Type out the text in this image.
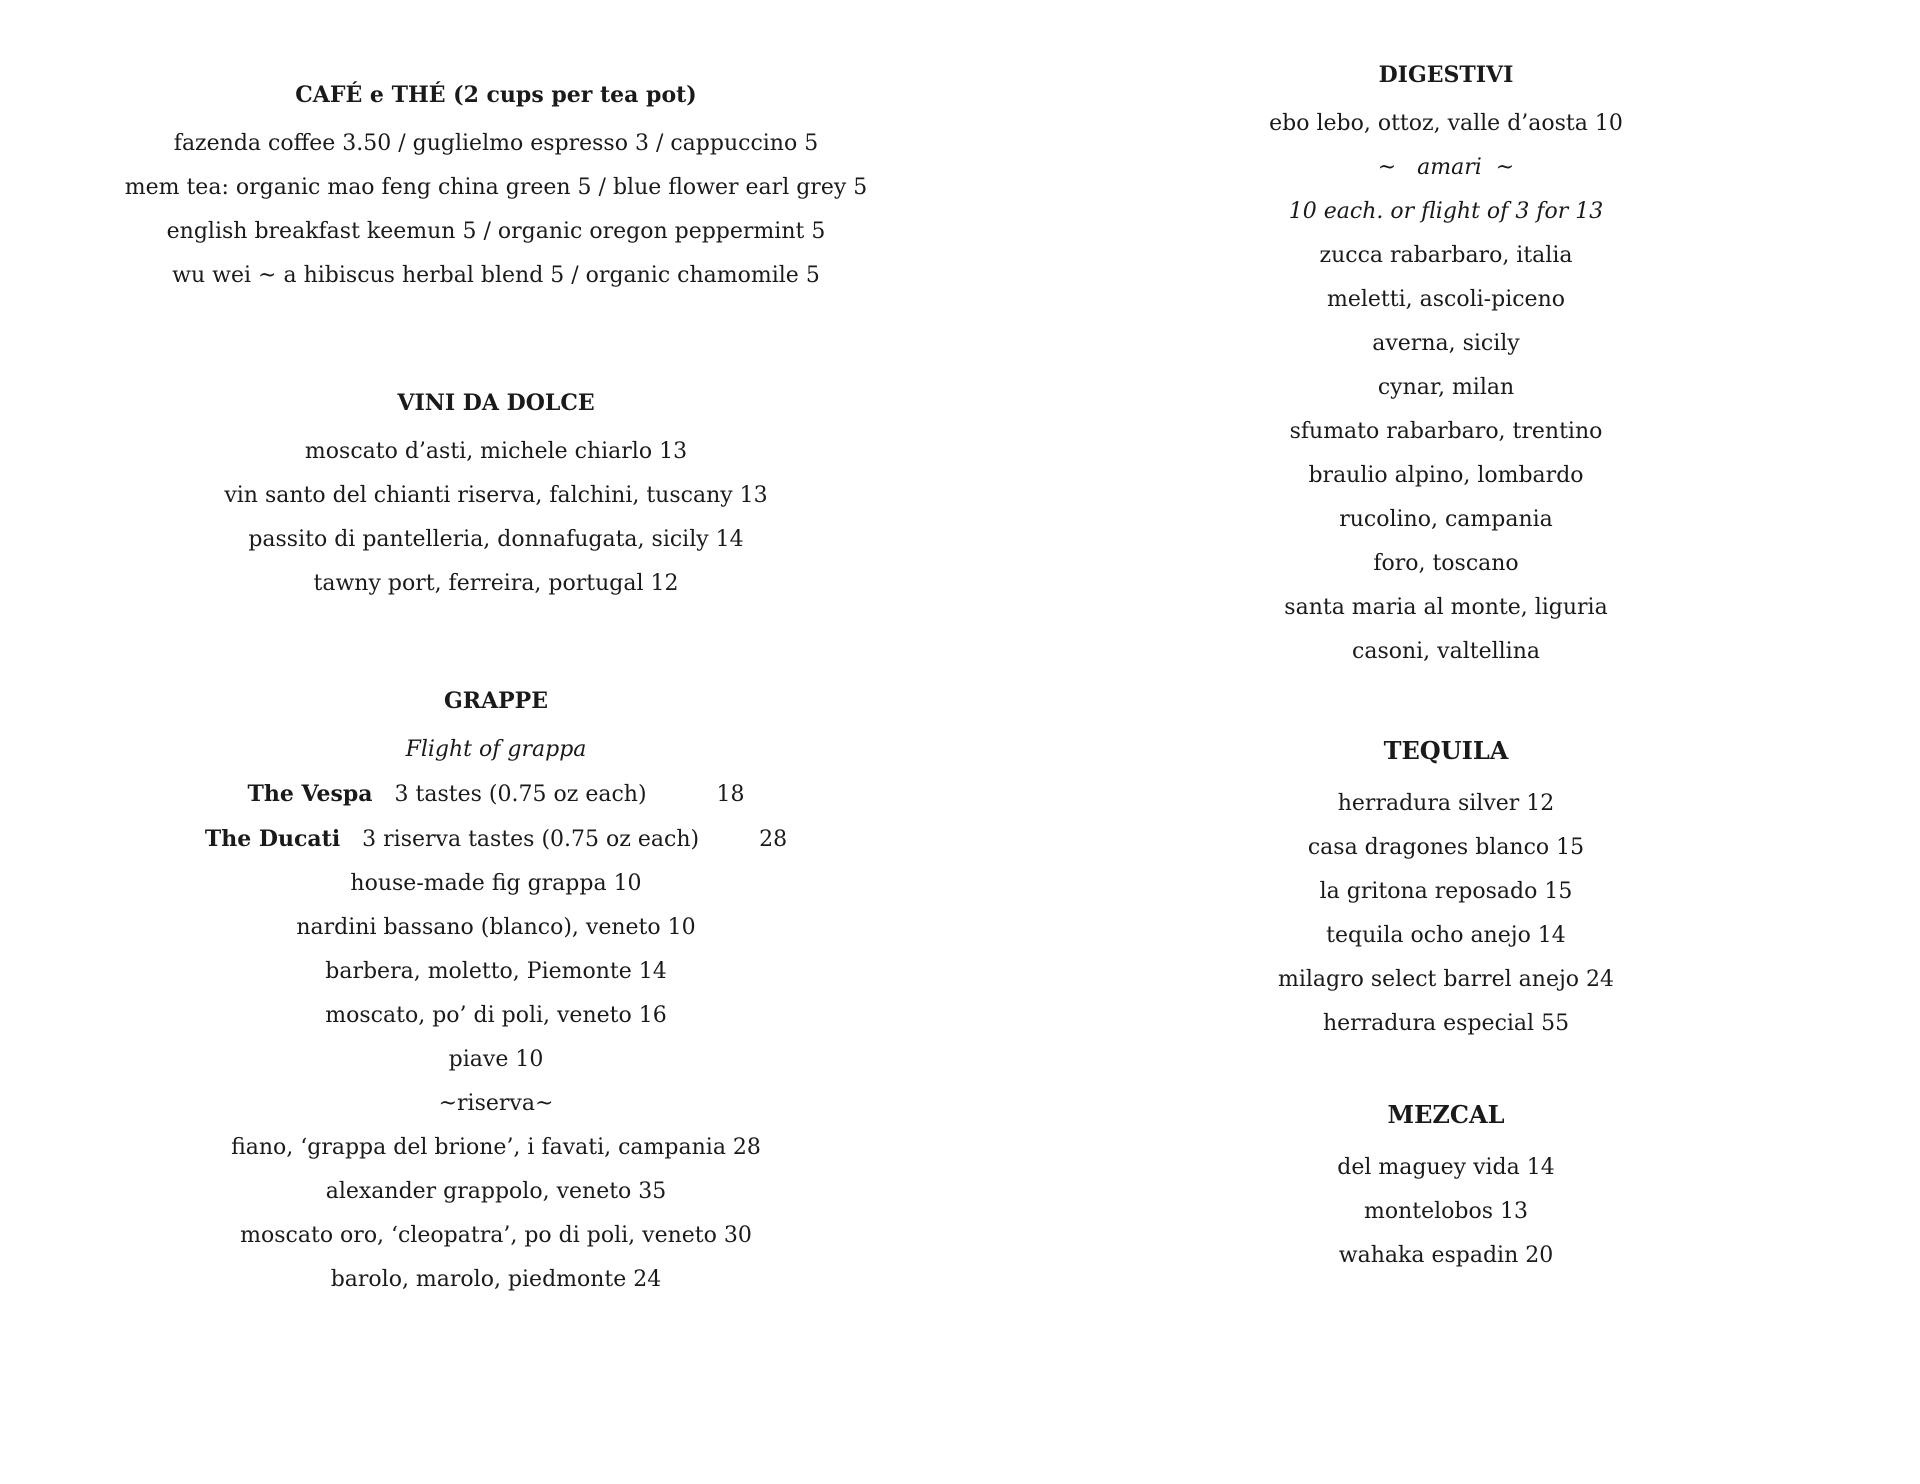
CAFÉ e THÉ (2 cups per tea pot)
fazenda coffee 3.50 / guglielmo espresso 3 / cappuccino 5
mem tea: organic mao feng china green 5 / blue flower earl grey 5
english breakfast keemun 5 / organic oregon peppermint 5
wu wei ~ a hibiscus herbal blend 5 / organic chamomile 5
VINI DA DOLCE
moscato d’asti, michele chiarlo 13
vin santo del chianti riserva, falchini, tuscany 13
passito di pantelleria, donnafugata, sicily 14
tawny port, ferreira, portugal 12
GRAPPE
Flight of grappa
The Vespa 3 tastes (0.75 oz each)	18
The Ducati 3 riserva tastes (0.75 oz each)	28
house-made fig grappa 10
nardini bassano (blanco), veneto 10
barbera, moletto, Piemonte 14
moscato, po’ di poli, veneto 16
piave 10
~riserva~
fiano, ‘grappa del brione’, i favati, campania 28
alexander grappolo, veneto 35
moscato oro, ‘cleopatra’, po di poli, veneto 30
barolo, marolo, piedmonte 24
DIGESTIVI
ebo lebo, ottoz, valle d’aosta 10
~   amari  ~
10 each. or flight of 3 for 13
zucca rabarbaro, italia
meletti, ascoli-piceno
averna, sicily
cynar, milan
sfumato rabarbaro, trentino
braulio alpino, lombardo
rucolino, campania
foro, toscano
santa maria al monte, liguria
casoni, valtellina
TEQUILA
herradura silver 12
casa dragones blanco 15
la gritona reposado 15
tequila ocho anejo 14
milagro select barrel anejo 24
herradura especial 55
MEZCAL
del maguey vida 14
montelobos 13
wahaka espadin 20
